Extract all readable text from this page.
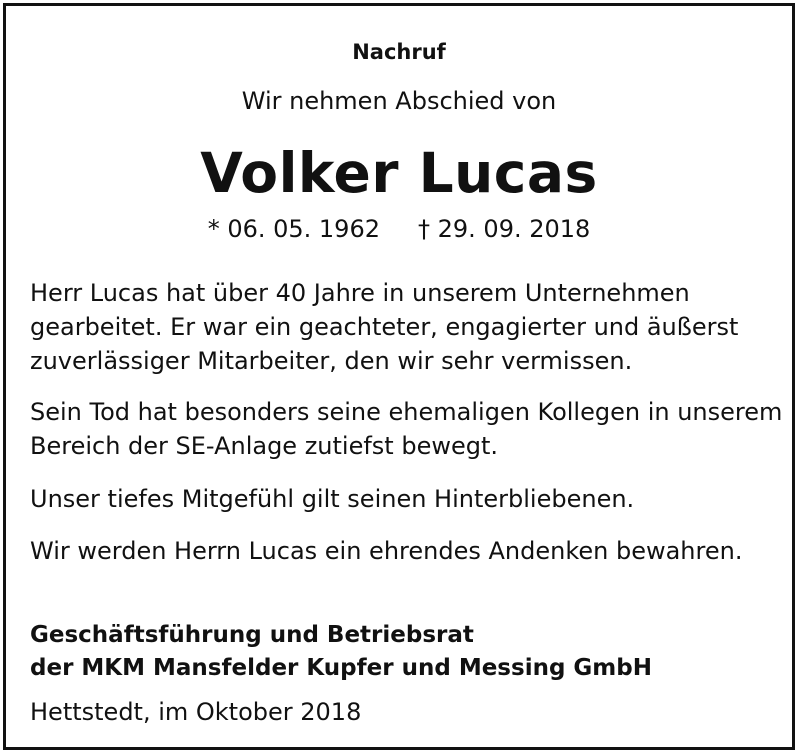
Nachruf
Wir nehmen Abschied von
Volker Lucas
* 06. 05. 1962 † 29. 09. 2018

Herr Lucas hat über 40 Jahre in unserem Unternehmen gearbeitet. Er war ein geachteter, engagierter und äußerst zuverlässiger Mitarbeiter, den wir sehr vermissen.

Sein Tod hat besonders seine ehemaligen Kollegen in unserem Bereich der SE-Anlage zutiefst bewegt.

Unser tiefes Mitgefühl gilt seinen Hinterbliebenen.

Wir werden Herrn Lucas ein ehrendes Andenken bewahren.

Geschäftsführung und Betriebsrat
der MKM Mansfelder Kupfer und Messing GmbH
Hettstedt, im Oktober 2018
